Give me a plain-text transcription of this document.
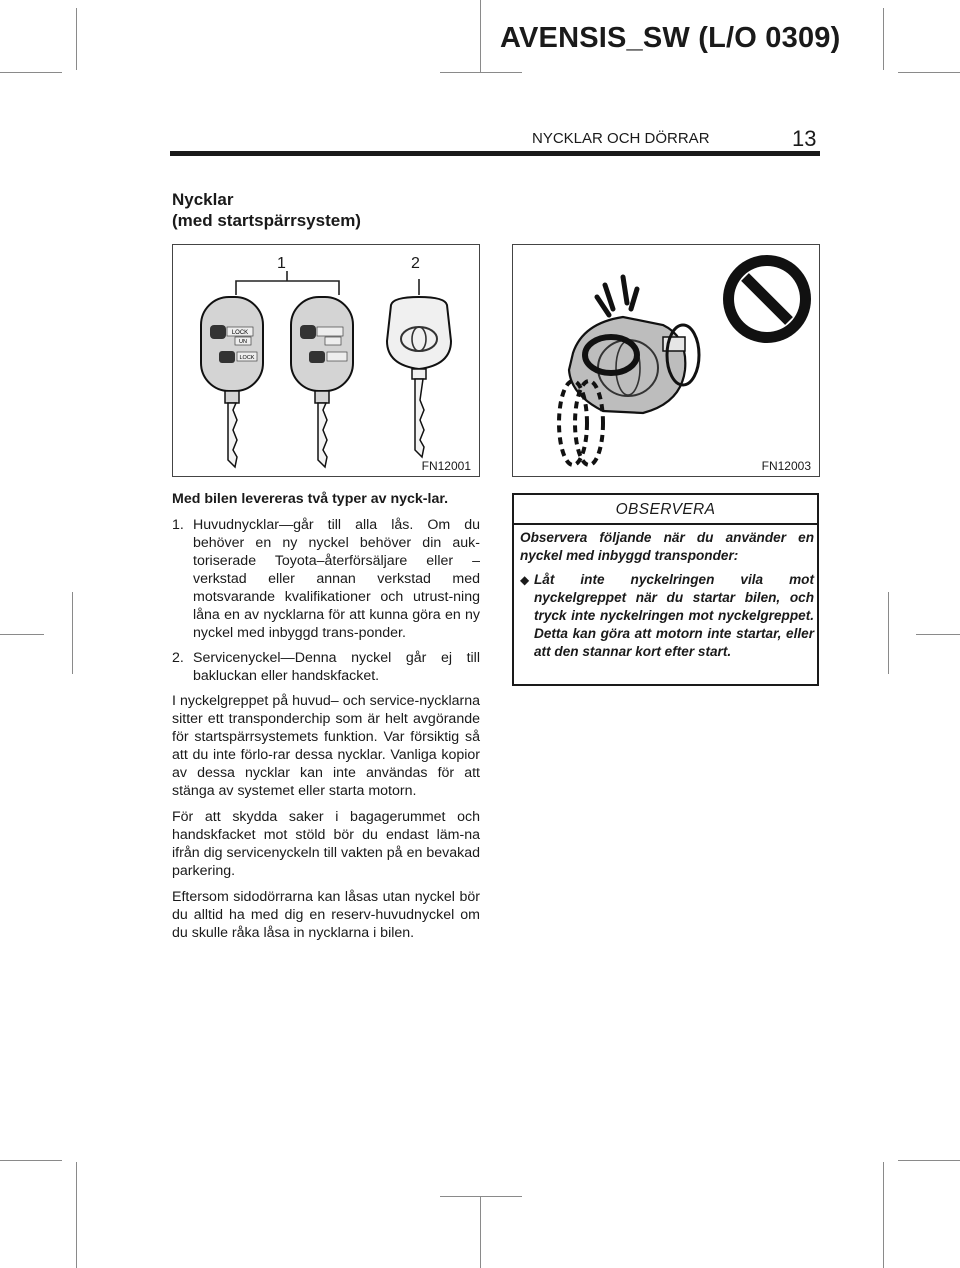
AVENSIS_SW (L/O 0309)
NYCKLAR OCH DÖRRAR	13
Nycklar
(med startspärrsystem)
LOCK
UN
LOCK
1	2
FN12001	FN12003

Med bilen levereras två typer av nyck-lar.

1. Huvudnycklar—går till alla lås. Om du behöver en ny nyckel behöver din auk-toriserade Toyota–återförsäljare eller –verkstad eller annan verkstad med motsvarande kvalifikationer och utrust-ning låna en av nycklarna för att kunna göra en ny nyckel med inbyggd trans-ponder.
2. Servicenyckel—Denna nyckel går ej till bakluckan eller handskfacket.

I nyckelgreppet på huvud– och service-nycklarna sitter ett transponderchip som är helt avgörande för startspärrsystemets funktion. Var försiktig så att du inte förlo-rar dessa nycklar. Vanliga kopior av dessa nycklar kan inte användas för att stänga av systemet eller starta motorn.

För att skydda saker i bagagerummet och handskfacket mot stöld bör du endast läm-na ifrån dig servicenyckeln till vakten på en bevakad parkering.

Eftersom sidodörrarna kan låsas utan nyckel bör du alltid ha med dig en reserv-huvudnyckel om du skulle råka låsa in nycklarna i bilen.

OBSERVERA
Observera följande när du använder en nyckel med inbyggd transponder:
◆ Låt inte nyckelringen vila mot nyckelgreppet när du startar bilen, och tryck inte nyckelringen mot nyckelgreppet. Detta kan göra att motorn inte startar, eller att den stannar kort efter start.
